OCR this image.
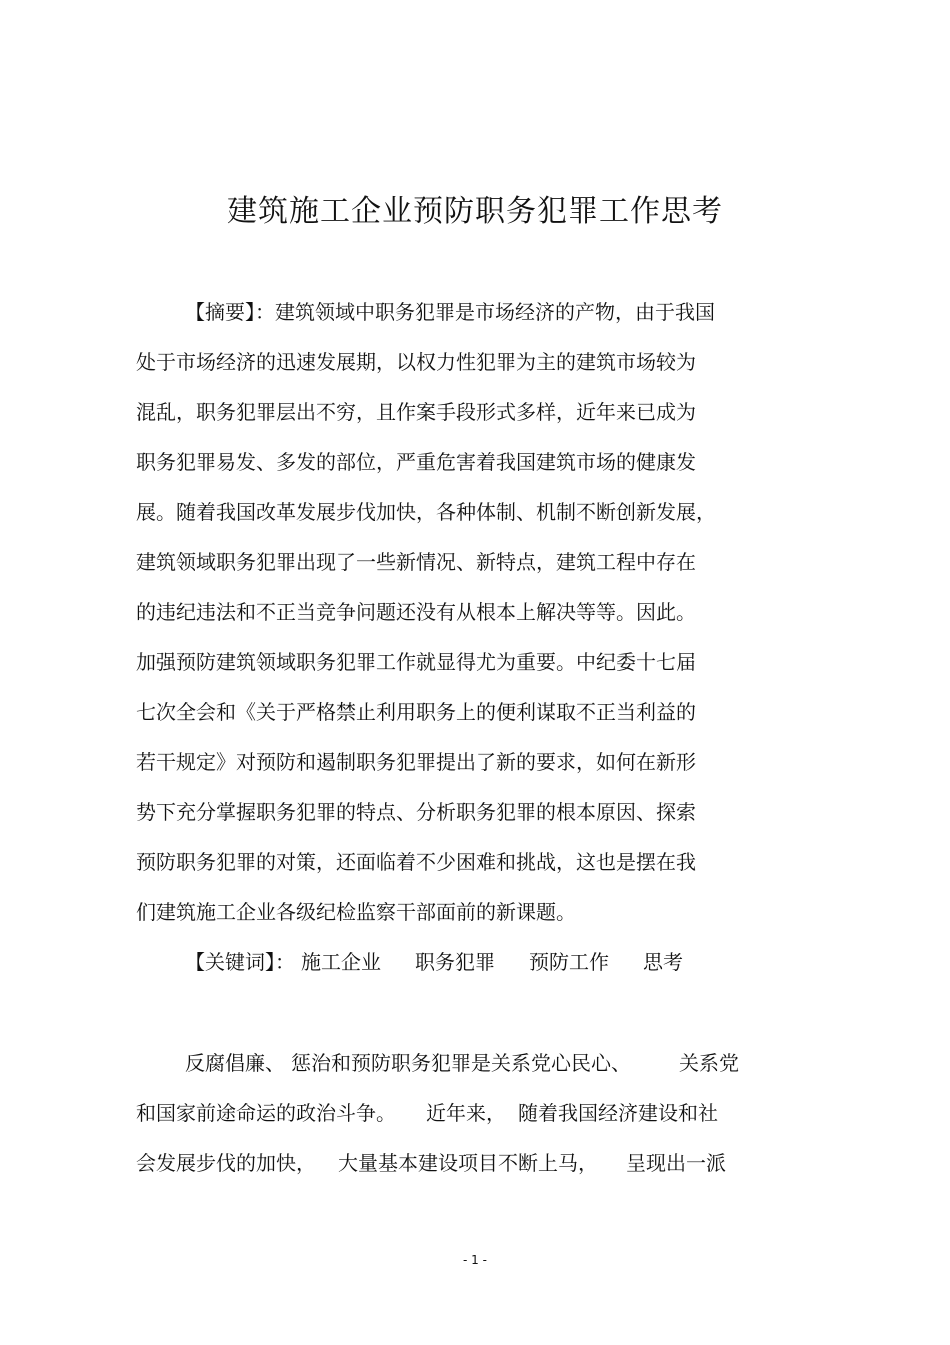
建筑施工企业预防职务犯罪工作思考
【摘要】：建筑领域中职务犯罪是市场经济的产物，由于我国
处于市场经济的迅速发展期，以权力性犯罪为主的建筑市场较为
混乱，职务犯罪层出不穷，且作案手段形式多样，近年来已成为
职务犯罪易发、多发的部位，严重危害着我国建筑市场的健康发
展。随着我国改革发展步伐加快，各种体制、机制不断创新发展，
建筑领域职务犯罪出现了一些新情况、新特点，建筑工程中存在
的违纪违法和不正当竞争问题还没有从根本上解决等等。因此。
加强预防建筑领域职务犯罪工作就显得尤为重要。中纪委十七届
七次全会和《关于严格禁止利用职务上的便利谋取不正当利益的
若干规定》对预防和遏制职务犯罪提出了新的要求，如何在新形
势下充分掌握职务犯罪的特点、分析职务犯罪的根本原因、探索
预防职务犯罪的对策，还面临着不少困难和挑战，这也是摆在我
们建筑施工企业各级纪检监察干部面前的新课题。
【关键词】： 施工企业 职务犯罪 预防工作 思考
反腐倡廉、 惩治和预防职务犯罪是关系党心民心、 关系党
和国家前途命运的政治斗争。 近年来， 随着我国经济建设和社
会发展步伐的加快， 大量基本建设项目不断上马， 呈现出一派
- 1 -
